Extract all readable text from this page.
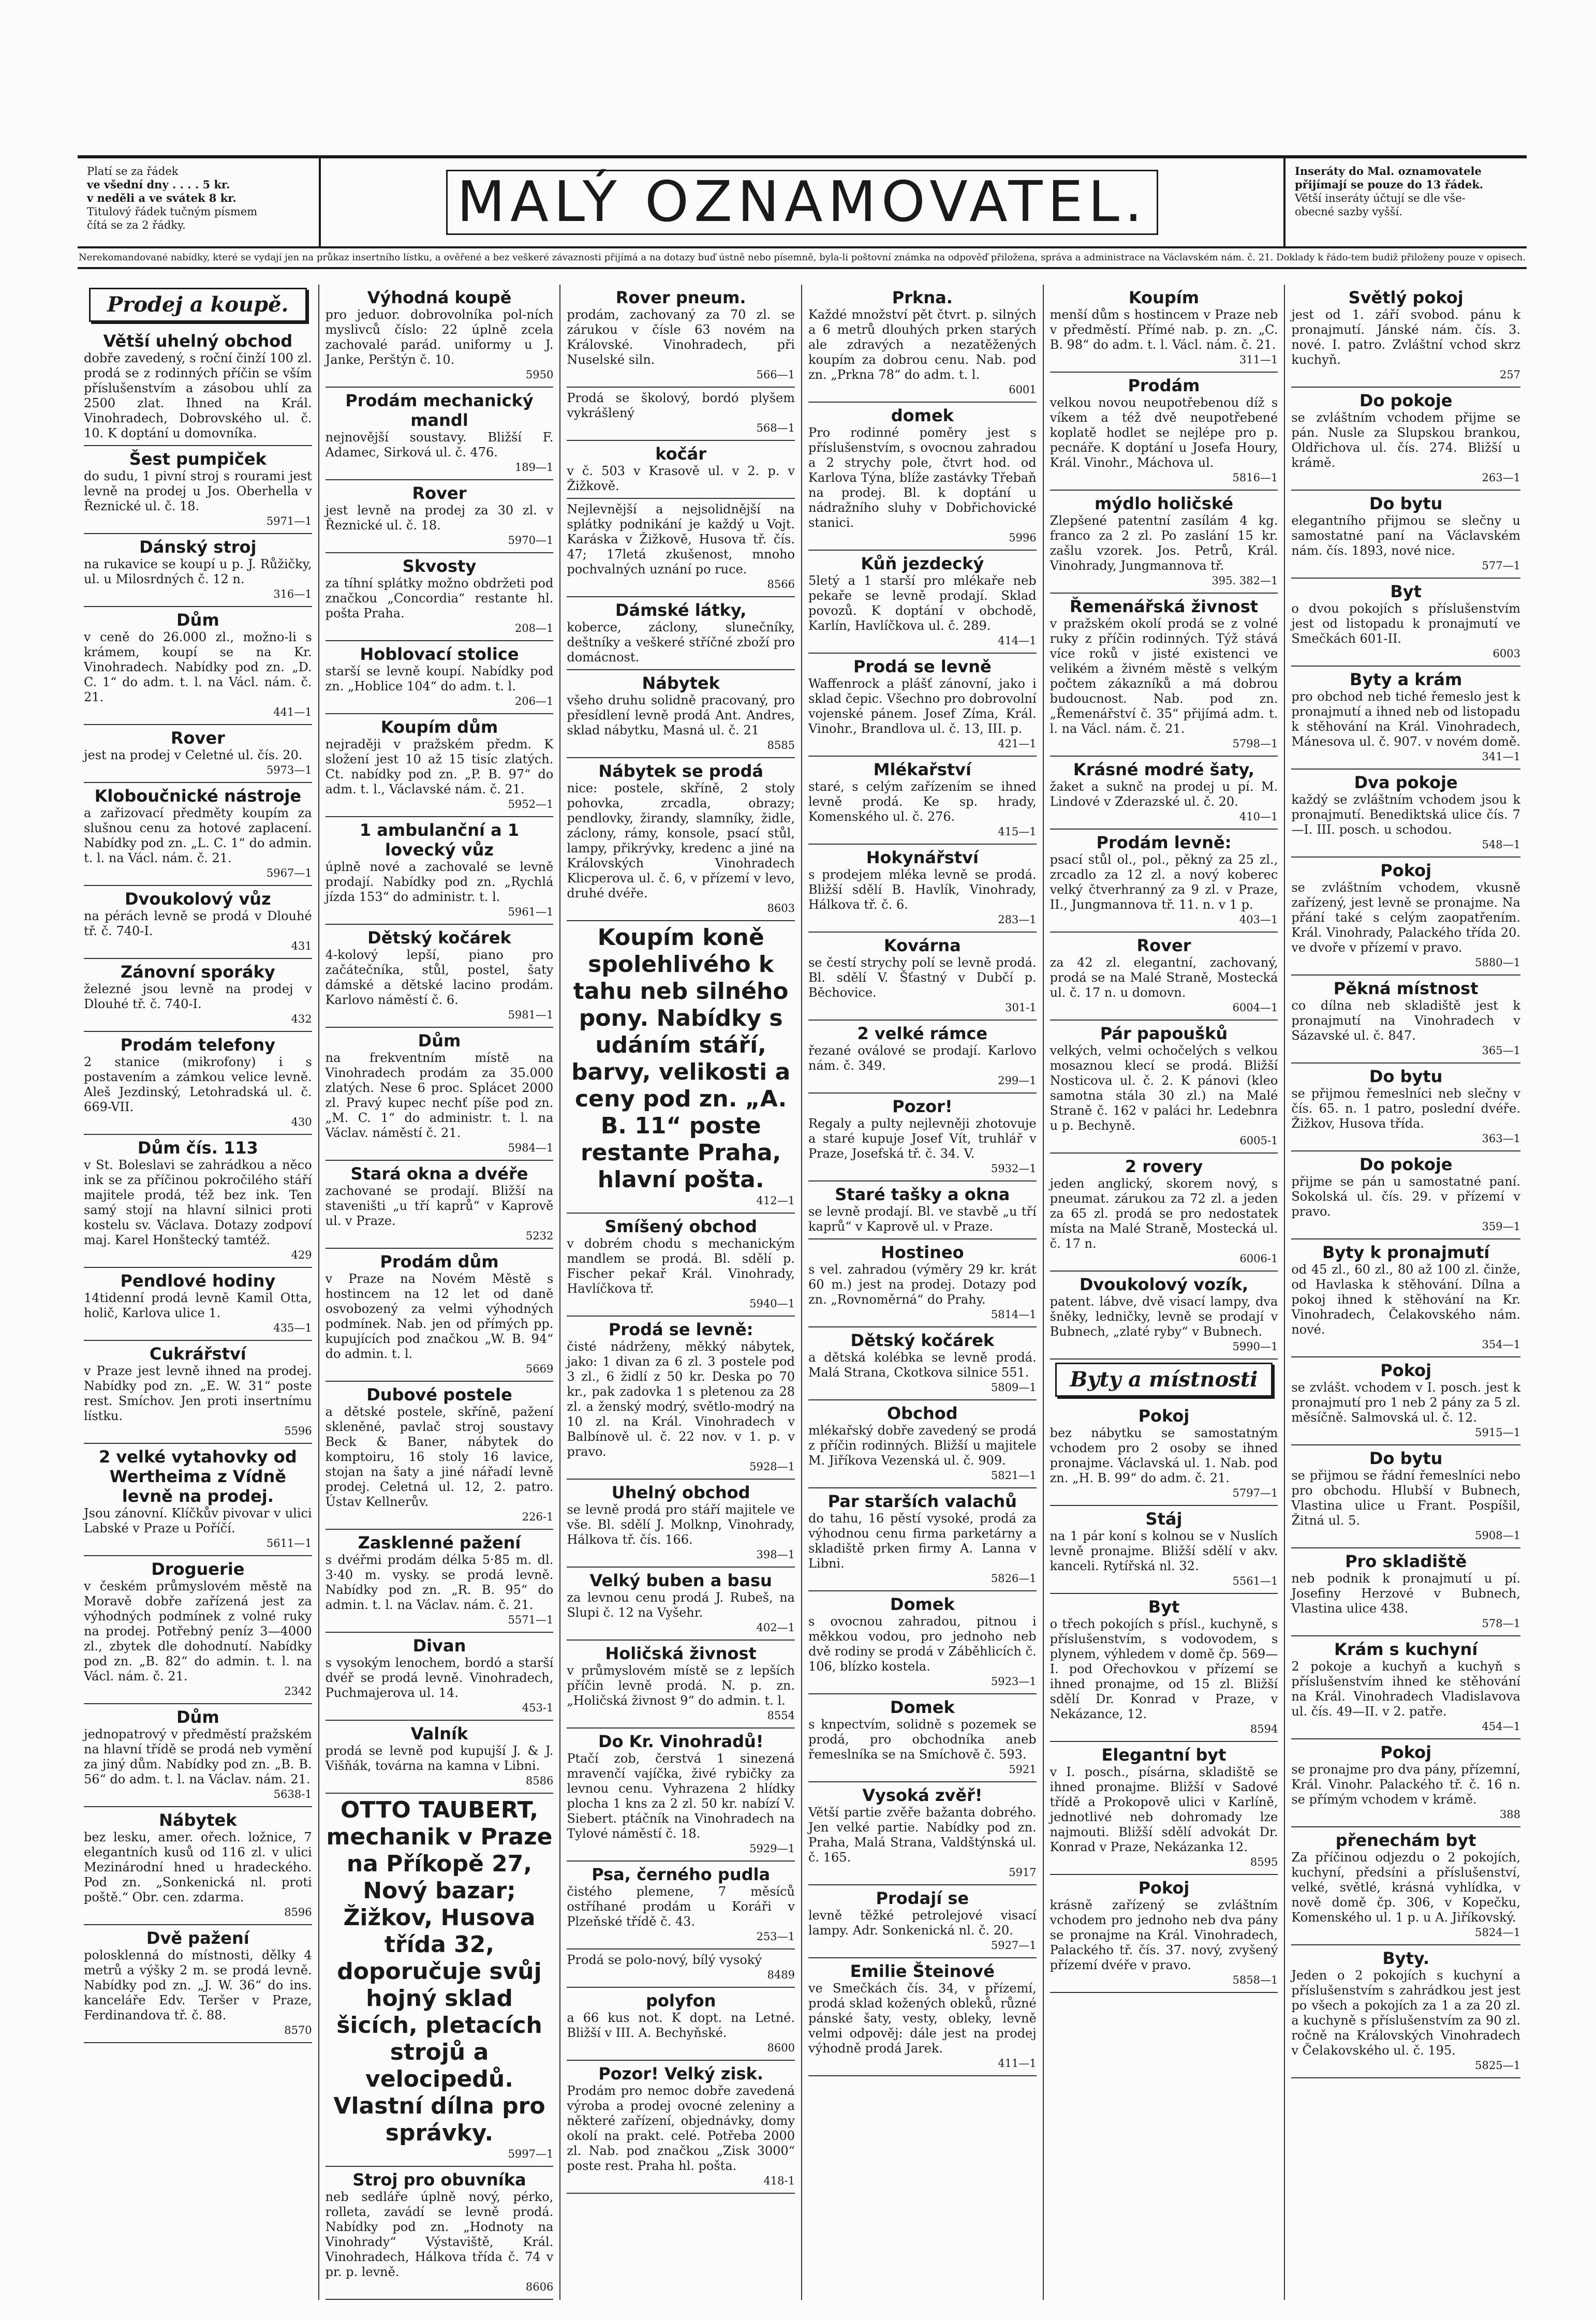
Platí se za řádek
ve všední dny . . . . 5 kr.
v neděli a ve svátek 8 kr.
Titulový řádek tučným písmem
čítá se za 2 řádky.	MALÝ OZNAMOVATEL.	Inseráty do Mal. oznamovatele
přijímají se pouze do 13 řádek.
Větší inseráty účtují se dle vše-
obecné sazby vyšší.
Nerekomandované nabídky, které se vydají jen na průkaz insertního lístku, a ověřené a bez veškeré závaznosti přijímá a na dotazy buď ústně nebo písemně, byla-li poštovní známka na odpověď přiložena, správa a administrace na Václavském nám. č. 21. Doklady k řádo-tem budiž přiloženy pouze v opisech.
Prodej a koupě.
Větší uhelný obchod
dobře zavedený, s roční činží 100 zl. prodá se z rodinných příčin se vším příslušenstvím a zásobou uhlí za 2500 zlat. Ihned na Král. Vinohradech, Dobrovského ul. č. 10. K doptání u domovníka.
Šest pumpiček
do sudu, 1 pivní stroj s rourami jest levně na prodej u Jos. Oberhella v Řeznické ul. č. 18.
5971—1
Dánský stroj
na rukavice se koupí u p. J. Růžičky, ul. u Milosrdných č. 12 n.
316—1
Dům
v ceně do 26.000 zl., možno-li s krámem, koupí se na Kr. Vinohradech. Nabídky pod zn. „D. C. 1“ do adm. t. l. na Václ. nám. č. 21.
441—1
Rover
jest na prodej v Celetné ul. čís. 20.
5973—1
Kloboučnické nástroje
a zařizovací předměty koupím za slušnou cenu za hotové zaplacení. Nabídky pod zn. „L. C. 1“ do admin. t. l. na Václ. nám. č. 21.
5967—1
Dvoukolový vůz
na pérách levně se prodá v Dlouhé tř. č. 740-I.
431
Zánovní sporáky
železné jsou levně na prodej v Dlouhé tř. č. 740-I.
432
Prodám telefony
2 stanice (mikrofony) i s postavením a zámkou velice levně. Aleš Jezdinský, Letohradská ul. č. 669-VII.
430
Dům čís. 113
v St. Boleslavi se zahrádkou a něco ink se za příčinou pokročilého stáří majitele prodá, též bez ink. Ten samý stojí na hlavní silnici proti kostelu sv. Václava. Dotazy zodpoví maj. Karel Honštecký tamtéž.
429
Pendlové hodiny
14tidenní prodá levně Kamil Otta, holič, Karlova ulice 1.
435—1
Cukrářství
v Praze jest levně ihned na prodej. Nabídky pod zn. „E. W. 31“ poste rest. Smíchov. Jen proti insertnímu lístku.
5596
2 velké vytahovky od Wertheima z Vídně levně na prodej.
Jsou zánovní. Klíčkův pivovar v ulici Labské v Praze u Poříčí.
5611—1
Droguerie
v českém průmyslovém městě na Moravě dobře zařízená jest za výhodných podmínek z volné ruky na prodej. Potřebný peníz 3—4000 zl., zbytek dle dohodnutí. Nabídky pod zn. „B. 82“ do admin. t. l. na Václ. nám. č. 21.
2342
Dům
jednopatrový v předměstí pražském na hlavní třídě se prodá neb vymění za jiný dům. Nabídky pod zn. „B. B. 56“ do adm. t. l. na Václav. nám. 21.
5638-1
Nábytek
bez lesku, amer. ořech. ložnice, 7 elegantních kusů od 116 zl. v ulici Mezinárodní hned u hradeckého. Pod zn. „Sonkenická nl. proti poště.“ Obr. cen. zdarma.
8596
Dvě pažení
polosklenná do místnosti, dělky 4 metrů a výšky 2 m. se prodá levně. Nabídky pod zn. „J. W. 36“ do ins. kanceláře Edv. Teršer v Praze, Ferdinandova tř. č. 88.
8570
Výhodná koupě
pro jeduor. dobrovolníka pol-ních myslivců číslo: 22 úplně zcela zachovalé parád. uniformy u J. Janke, Perštýn č. 10.
5950
Prodám mechanický mandl
nejnovější soustavy. Bližší F. Adamec, Sirková ul. č. 476.
189—1
Rover
jest levně na prodej za 30 zl. v Řeznické ul. č. 18.
5970—1
Skvosty
za tíhní splátky možno obdržeti pod značkou „Concordia“ restante hl. pošta Praha.
208—1
Hoblovací stolice
starší se levně koupí. Nabídky pod zn. „Hoblice 104“ do adm. t. l.
206—1
Koupím dům
nejraději v pražském předm. K složení jest 10 až 15 tisíc zlatých. Ct. nabídky pod zn. „P. B. 97“ do adm. t. l., Václavské nám. č. 21.
5952—1
1 ambulanční a 1 lovecký vůz
úplně nové a zachovalé se levně prodají. Nabídky pod zn. „Rychlá jízda 153“ do administr. t. l.
5961—1
Dětský kočárek
4-kolový lepší, piano pro začátečníka, stůl, postel, šaty dámské a dětské lacino prodám. Karlovo náměstí č. 6.
5981—1
Dům
na frekventním místě na Vinohradech prodám za 35.000 zlatých. Nese 6 proc. Splácet 2000 zl. Pravý kupec nechť píše pod zn. „M. C. 1“ do administr. t. l. na Václav. náměstí č. 21.
5984—1
Stará okna a dvéře
zachované se prodají. Bližší na staveništi „u tří kaprů“ v Kaprově ul. v Praze.
5232
Prodám dům
v Praze na Novém Městě s hostincem na 12 let od daně osvobozený za velmi výhodných podmínek. Nab. jen od přímých pp. kupujících pod značkou „W. B. 94“ do admin. t. l.
5669
Dubové postele
a dětské postele, skříně, pažení skleněné, pavlač stroj soustavy Beck & Baner, nábytek do komptoiru, 16 stoly 16 lavice, stojan na šaty a jiné nářadí levně prodej. Celetná ul. 12, 2. patro. Ústav Kellnerův.
226-1
Zasklenné pažení
s dvéřmi prodám délka 5·85 m. dl. 3·40 m. vysky. se prodá levně. Nabídky pod zn. „R. B. 95“ do admin. t. l. na Václav. nám. č. 21.
5571—1
Divan
s vysokým lenochem, bordó a starší dvéř se prodá levně. Vinohradech, Puchmajerova ul. 14.
453-1
Valník
prodá se levně pod kupujší J. & J. Višňák, továrna na kamna v Libni.
8586
OTTO TAUBERT, mechanik v Praze na Příkopě 27, Nový bazar; Žižkov, Husova třída 32, doporučuje svůj hojný sklad šicích, pletacích strojů a velocipedů. Vlastní dílna pro správky.
5997—1
Stroj pro obuvníka
neb sedláře úplně nový, pérko, rolleta, zavádí se levně prodá. Nabídky pod zn. „Hodnoty na Vinohrady“ Výstaviště, Král. Vinohradech, Hálkova třída č. 74 v pr. p. levně.
8606
Rover pneum.
prodám, zachovaný za 70 zl. se zárukou v čísle 63 novém na Královské. Vinohradech, při Nuselské siln.
566—1
Prodá se školový, bordó plyšem vykrášlený
568—1
kočár
v č. 503 v Krasově ul. v 2. p. v Žižkově.
Nejlevnější a nejsolidnější na splátky podnikání je každý u Vojt. Karáska v Žižkově, Husova tř. čís. 47; 17letá zkušenost, mnoho pochvalných uznání po ruce.
8566
Dámské látky,
koberce, záclony, slunečníky, deštníky a veškeré stříčné zboží pro domácnost.
Nábytek
všeho druhu solidně pracovaný, pro přesídlení levně prodá Ant. Andres, sklad nábytku, Masná ul. č. 21
8585
Nábytek se prodá
nice: postele, skříně, 2 stoly pohovka, zrcadla, obrazy; pendlovky, žirandy, slamníky, židle, záclony, rámy, konsole, psací stůl, lampy, přikrývky, kredenc a jiné na Královských Vinohradech Klicperova ul. č. 6, v přízemí v levo, druhé dvéře.
8603
Koupím koně spolehlivého k tahu neb silného pony. Nabídky s udáním stáří, barvy, velikosti a ceny pod zn. „A. B. 11“ poste restante Praha, hlavní pošta.
412—1
Smíšený obchod
v dobrém chodu s mechanickým mandlem se prodá. Bl. sdělí p. Fischer pekař Král. Vinohrady, Havlíčkova tř.
5940—1
Prodá se levně:
čisté nádrženy, měkký nábytek, jako: 1 divan za 6 zl. 3 postele pod 3 zl., 6 židlí z 50 kr. Deska po 70 kr., pak zadovka 1 s pletenou za 28 zl. a ženský modrý, světlo-modrý na 10 zl. na Král. Vinohradech v Balbínově ul. č. 22 nov. v 1. p. v pravo.
5928—1
Uhelný obchod
se levně prodá pro stáří majitele ve vše. Bl. sdělí J. Molknp, Vinohrady, Hálkova tř. čís. 166.
398—1
Velký buben a basu
za levnou cenu prodá J. Rubeš, na Slupi č. 12 na Vyšehr.
402—1
Holičská živnost
v průmyslovém místě se z lepších příčin levně prodá. N. p. zn. „Holičská živnost 9“ do admin. t. l.
8554
Do Kr. Vinohradů!
Ptačí zob, čerstvá 1 sinezená mravenčí vajíčka, živé rybičky za levnou cenu. Vyhrazena 2 hlídky plocha 1 kns za 2 zl. 50 kr. nabízí V. Siebert. ptáčník na Vinohradech na Tylové náměstí č. 18.
5929—1
Psa, černého pudla
čistého plemene, 7 měsíců ostříhané prodám u Koráři v Plzeňské třídě č. 43.
253—1
Prodá se polo-nový, bílý vysoký
8489
polyfon
a 66 kus not. K dopt. na Letné. Bližší v III. A. Bechyňské.
8600
Pozor! Velký zisk.
Prodám pro nemoc dobře zavedená výroba a prodej ovocné zeleniny a některé zařízení, objednávky, domy okolí na prakt. celé. Potřeba 2000 zl. Nab. pod značkou „Zisk 3000“ poste rest. Praha hl. pošta.
418-1
Prkna.
Každé množství pět čtvrt. p. silných a 6 metrů dlouhých prken starých ale zdravých a nezatěžených koupím za dobrou cenu. Nab. pod zn. „Prkna 78“ do adm. t. l.
6001
domek
Pro rodinné poměry jest s příslušenstvím, s ovocnou zahradou a 2 strychy pole, čtvrt hod. od Karlova Týna, blíže zastávky Třebaň na prodej. Bl. k doptání u nádražního sluhy v Dobřichovické stanici.
5996
Kůň jezdecký
5letý a 1 starší pro mlékaře neb pekaře se levně prodají. Sklad povozů. K doptání v obchodě, Karlín, Havlíčkova ul. č. 289.
414—1
Prodá se levně
Waffenrock a plášť zánovní, jako i sklad čepic. Všechno pro dobrovolní vojenské pánem. Josef Zíma, Král. Vinohr., Brandlova ul. č. 13, III. p.
421—1
Mlékařství
staré, s celým zařízením se ihned levně prodá. Ke sp. hrady, Komenského ul. č. 276.
415—1
Hokynářství
s prodejem mléka levně se prodá. Bližší sdělí B. Havlík, Vinohrady, Hálkova tř. č. 6.
283—1
Kovárna
se čestí strychy polí se levně prodá. Bl. sdělí V. Šťastný v Dubčí p. Běchovice.
301-1
2 velké rámce
řezané oválové se prodají. Karlovo nám. č. 349.
299—1
Pozor!
Regaly a pulty nejlevněji zhotovuje a staré kupuje Josef Vít, truhlář v Praze, Josefská tř. č. 34. V.
5932—1
Staré tašky a okna
se levně prodají. Bl. ve stavbě „u tří kaprů“ v Kaprově ul. v Praze.
Hostineo
s vel. zahradou (výměry 29 kr. krát 60 m.) jest na prodej. Dotazy pod zn. „Rovnoměrná“ do Prahy.
5814—1
Dětský kočárek
a dětská kolébka se levně prodá. Malá Strana, Ckotkova silnice 551.
5809—1
Obchod
mlékařský dobře zavedený se prodá z příčin rodinných. Bližší u majitele M. Jiříkova Vezenská ul. č. 909.
5821—1
Par starších valachů
do tahu, 16 pěstí vysoké, prodá za výhodnou cenu firma parketárny a skladiště prken firmy A. Lanna v Libni.
5826—1
Domek
s ovocnou zahradou, pitnou i měkkou vodou, pro jednoho neb dvě rodiny se prodá v Záběhlicích č. 106, blízko kostela.
5923—1
Domek
s knpectvím, solidně s pozemek se prodá, pro obchodníka aneb řemeslníka se na Smíchově č. 593.
5921
Vysoká zvěř!
Větší partie zvěře bažanta dobrého. Jen velké partie. Nabídky pod zn. Praha, Malá Strana, Valdštýnská ul. č. 165.
5917
Prodají se
levně těžké petrolejové visací lampy. Adr. Sonkenická nl. č. 20.
5927—1
Emilie Šteinové
ve Smečkách čís. 34, v přízemí, prodá sklad kožených obleků, různé pánské šaty, vesty, obleky, levně velmi odpověj: dále jest na prodej výhodně prodá Jarek.
411—1
Koupím
menší dům s hostincem v Praze neb v předměstí. Přímé nab. p. zn. „C. B. 98“ do adm. t. l. Václ. nám. č. 21.
311—1
Prodám
velkou novou neupotřebenou díž s víkem a též dvě neupotřebené koplatě hodlet se nejlépe pro p. pecnáře. K doptání u Josefa Houry, Král. Vinohr., Máchova ul.
5816—1
mýdlo holičské
Zlepšené patentní zasílám 4 kg. franco za 2 zl. Po zaslání 15 kr. zašlu vzorek. Jos. Petrů, Král. Vinohrady, Jungmannova tř.
395. 382—1
Řemenářská živnost
v pražském okolí prodá se z volné ruky z příčin rodinných. Týž stává více roků v jisté existenci ve velikém a živném městě s velkým počtem zákazníků a má dobrou budoucnost. Nab. pod zn. „Řemenářství č. 35“ přijímá adm. t. l. na Václ. nám. č. 21.
5798—1
Krásné modré šaty,
žaket a suknč na prodej u pí. M. Lindové v Zderazské ul. č. 20.
410—1
Prodám levně:
psací stůl ol., pol., pěkný za 25 zl., zrcadlo za 12 zl. a nový koberec velký čtverhranný za 9 zl. v Praze, II., Jungmannova tř. 11. n. v 1 p.
403—1
Rover
za 42 zl. elegantní, zachovaný, prodá se na Malé Straně, Mostecká ul. č. 17 n. u domovn.
6004—1
Pár papoušků
velkých, velmi ochočelých s velkou mosaznou klecí se prodá. Bližší Nosticova ul. č. 2. K pánovi (kleo samotna stála 30 zl.) na Malé Straně č. 162 v paláci hr. Ledebnra u p. Bechyně.
6005-1
2 rovery
jeden anglický, skorem nový, s pneumat. zárukou za 72 zl. a jeden za 65 zl. prodá se pro nedostatek místa na Malé Straně, Mostecká ul. č. 17 n.
6006-1
Dvoukolový vozík,
patent. lábve, dvě visací lampy, dva šněky, ledničky, levně se prodají v Bubnech, „zlaté ryby“ v Bubnech.
5990—1
Byty a místnosti
Pokoj
bez nábytku se samostatným vchodem pro 2 osoby se ihned pronajme. Václavská ul. 1. Nab. pod zn. „H. B. 99“ do adm. č. 21.
5797—1
Stáj
na 1 pár koní s kolnou se v Nuslích levně pronajme. Bližší sdělí v akv. kanceli. Rytířská nl. 32.
5561—1
Byt
o třech pokojích s přísl., kuchyně, s příslušenstvím, s vodovodem, s plynem, výhledem v domě čp. 569—I. pod Ořechovkou v přízemí se ihned pronajme, od 15 zl. Bližší sdělí Dr. Konrad v Praze, v Nekázance, 12.
8594
Elegantní byt
v I. posch., písárna, skladiště se ihned pronajme. Bližší v Sadové třídě a Prokopově ulici v Karlíně, jednotlivé neb dohromady lze najmouti. Bližší sdělí advokát Dr. Konrad v Praze, Nekázanka 12.
8595
Pokoj
krásně zařízený se zvláštním vchodem pro jednoho neb dva pány se pronajme na Král. Vinohradech, Palackého tř. čís. 37. nový, zvyšený přízemí dvéře v pravo.
5858—1
Světlý pokoj
jest od 1. září svobod. pánu k pronajmutí. Jánské nám. čís. 3. nové. I. patro. Zvláštní vchod skrz kuchyň.
257
Do pokoje
se zvláštním vchodem přijme se pán. Nusle za Slupskou brankou, Oldřichova ul. čís. 274. Bližší u krámě.
263—1
Do bytu
elegantního přijmou se slečny u samostatné paní na Václavském nám. čís. 1893, nové nice.
577—1
Byt
o dvou pokojích s příslušenstvím jest od listopadu k pronajmutí ve Smečkách 601-II.
6003
Byty a krám
pro obchod neb tiché řemeslo jest k pronajmutí a ihned neb od listopadu k stěhování na Král. Vinohradech, Mánesova ul. č. 907. v novém domě.
341—1
Dva pokoje
každý se zvláštním vchodem jsou k pronajmutí. Benediktská ulice čís. 7—I. III. posch. u schodou.
548—1
Pokoj
se zvláštním vchodem, vkusně zařízený, jest levně se pronajme. Na přání také s celým zaopatřením. Král. Vinohrady, Palackého třída 20. ve dvoře v přízemí v pravo.
5880—1
Pěkná místnost
co dílna neb skladiště jest k pronajmutí na Vinohradech v Sázavské ul. č. 847.
365—1
Do bytu
se přijmou řemeslníci neb slečny v čís. 65. n. 1 patro, poslední dvéře. Žižkov, Husova třída.
363—1
Do pokoje
přijme se pán u samostatné paní. Sokolská ul. čís. 29. v přízemí v pravo.
359—1
Byty k pronajmutí
od 45 zl., 60 zl., 80 až 100 zl. činže, od Havlaska k stěhování. Dílna a pokoj ihned k stěhování na Kr. Vinohradech, Čelakovského nám. nové.
354—1
Pokoj
se zvlášt. vchodem v I. posch. jest k pronajmutí pro 1 neb 2 pány za 5 zl. měsíčně. Salmovská ul. č. 12.
5915—1
Do bytu
se přijmou se řádní řemeslníci nebo pro obchodu. Hlubší v Bubnech, Vlastina ulice u Frant. Pospíšil, Žitná ul. 5.
5908—1
Pro skladiště
neb podnik k pronajmutí u pí. Josefiny Herzové v Bubnech, Vlastina ulice 438.
578—1
Krám s kuchyní
2 pokoje a kuchyň a kuchyň s příslušenstvím ihned ke stěhování na Král. Vinohradech Vladislavova ul. čís. 49—II. v 2. patře.
454—1
Pokoj
se pronajme pro dva pány, přízemní, Král. Vinohr. Palackého tř. č. 16 n. se přímým vchodem v krámě.
388
přenechám byt
Za příčinou odjezdu o 2 pokojích, kuchyní, předsíni a příslušenství, velké, světlé, krásná vyhlídka, v nově domě čp. 306, v Kopečku, Komenského ul. 1 p. u A. Jiříkovský.
5824—1
Byty.
Jeden o 2 pokojích s kuchyní a příslušenstvím s zahrádkou jest jest po všech a pokojích za 1 a za 20 zl. a kuchyně s příslušenstvím za 90 zl. ročně na Královských Vinohradech v Čelakovského ul. č. 195.
5825—1
